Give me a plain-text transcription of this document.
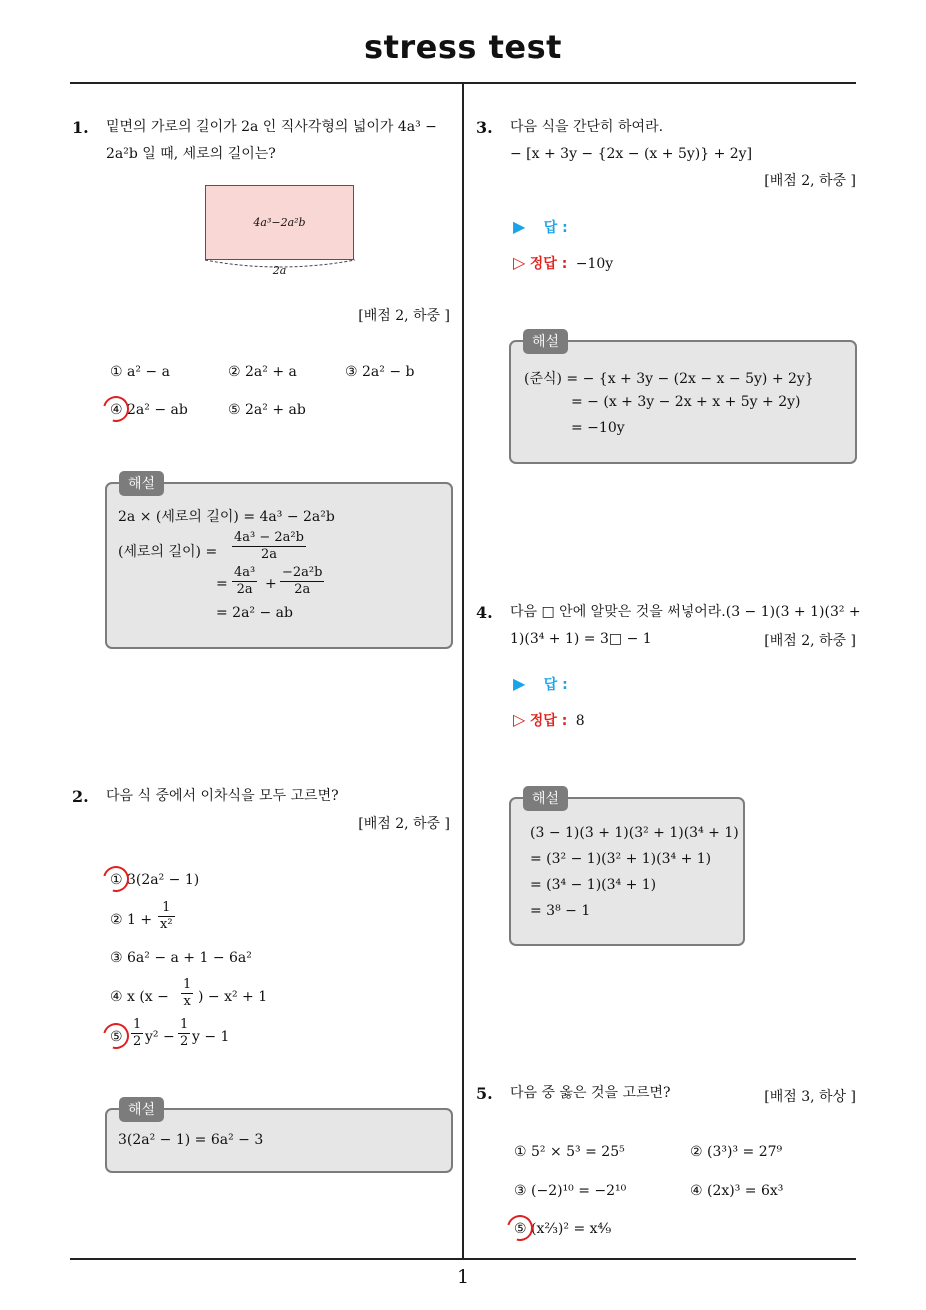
stress test
1
1. 밑면의 가로의 길이가 2a 인 직사각형의 넓이가 4a³ −
2a²b 일 때, 세로의 길이는?
4a³−2a²b
2a
[배점 2, 하중 ]
① a² − a	② 2a² + a	③ 2a² − b
④ 2a² − ab	⑤ 2a² + ab
해설
2a × (세로의 길이) = 4a³ − 2a²b
(세로의 길이) = $\frac{\text{4a³ − 2a²b}}{2a}$
= $\frac{\text{4a³}}{2a} + \frac{\text{−2a²b}}{2a}$
= 2a² − ab
2. 다음 식 중에서 이차식을 모두 고르면?
[배점 2, 하중 ]
① 3(2a² − 1)
② $1 + \frac{1}{\text{x²}}$
③ 6a² − a + 1 − 6a²
④ x ($x - \frac{1}{x}$ ) − x² + 1
⑤ $\frac{1}{2} y^2 - \frac{1}{2}$ y − 1
해설
3(2a² − 1) = 6a² − 3
3. 다음 식을 간단히 하여라.
− [x + 3y − {2x − (x + 5y)} + 2y]
[배점 2, 하중 ]
▶ 답 :
▷ 정답 : −10y
해설
(준식) = − {x + 3y − (2x − x − 5y) + 2y}
= − (x + 3y − 2x + x + 5y + 2y)
= −10y
4. 다음 □ 안에 알맞은 것을 써넣어라.(3 − 1)(3 + 1)(3² +
1)(3⁴ + 1) = 3□ − 1	[배점 2, 하중 ]
▶ 답 :
▷ 정답 : 8
해설
(3 − 1)(3 + 1)(3² + 1)(3⁴ + 1)
= (3² − 1)(3² + 1)(3⁴ + 1)
= (3⁴ − 1)(3⁴ + 1)
= 3⁸ − 1
5. 다음 중 옳은 것을 고르면?	[배점 3, 하상 ]
① 5² × 5³ = 25⁵	② (3³)³ = 27⁹
③ (−2)¹⁰ = −2¹⁰	④ (2x)³ = 6x³
⑤ (x⅔)² = x⁴⁄₉
